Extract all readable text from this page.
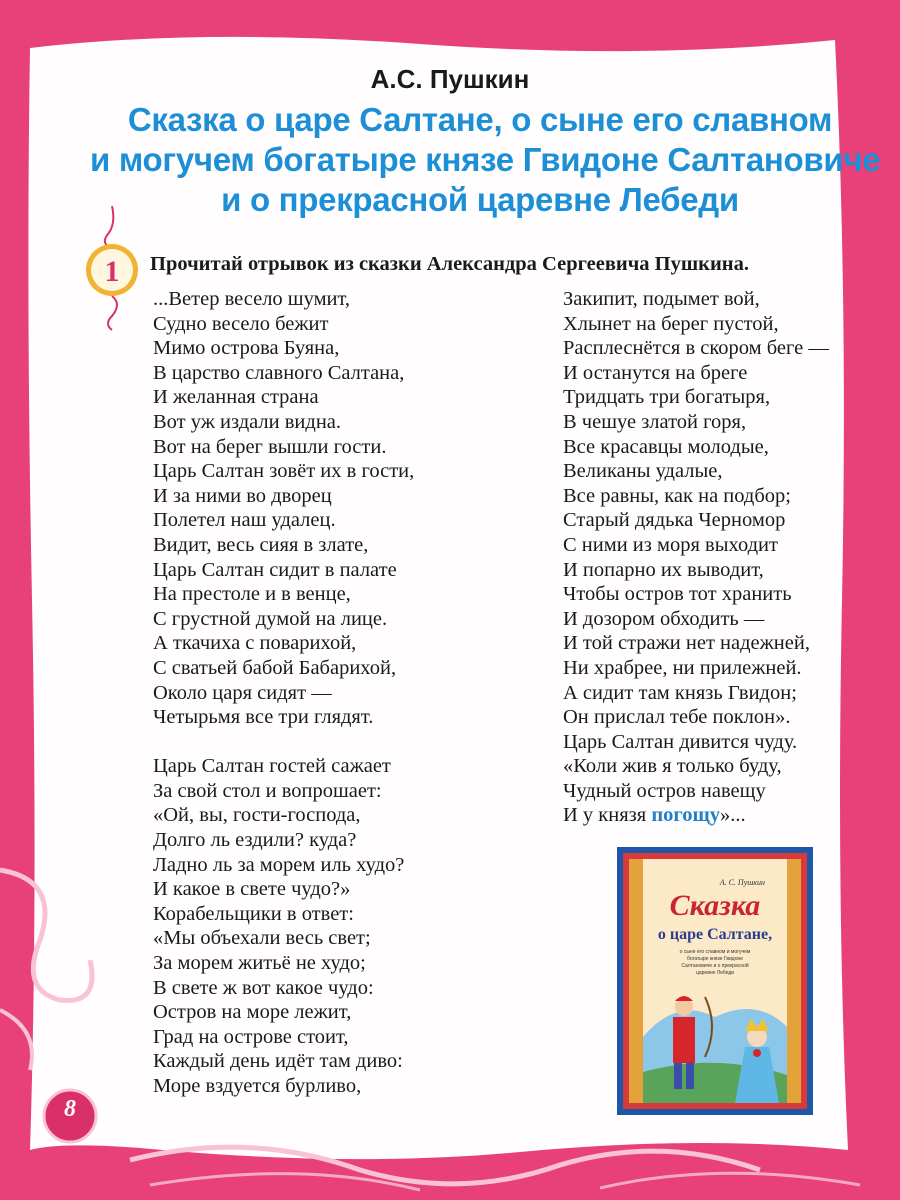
А.С. Пушкин
Сказка о царе Салтане, о сыне его славном
и могучем богатыре князе Гвидоне Салтановиче
и о прекрасной царевне Лебеди
1 Прочитай отрывок из сказки Александра Сергеевича Пушкина.
...Ветер весело шумит,
Судно весело бежит
Мимо острова Буяна,
В царство славного Салтана,
И желанная страна
Вот уж издали видна.
Вот на берег вышли гости.
Царь Салтан зовёт их в гости,
И за ними во дворец
Полетел наш удалец.
Видит, весь сияя в злате,
Царь Салтан сидит в палате
На престоле и в венце,
С грустной думой на лице.
А ткачиха с поварихой,
С сватьей бабой Бабарихой,
Около царя сидят —
Четырьмя все три глядят.
Царь Салтан гостей сажает
За свой стол и вопрошает:
«Ой, вы, гости-господа,
Долго ль ездили? куда?
Ладно ль за морем иль худо?
И какое в свете чудо?»
Корабельщики в ответ:
«Мы объехали весь свет;
За морем житьё не худо;
В свете ж вот какое чудо:
Остров на море лежит,
Град на острове стоит,
Каждый день идёт там диво:
Море вздуется бурливо,
Закипит, подымет вой,
Хлынет на берег пустой,
Расплеснётся в скором беге —
И останутся на бреге
Тридцать три богатыря,
В чешуе златой горя,
Все красавцы молодые,
Великаны удалые,
Все равны, как на подбор;
Старый дядька Черномор
С ними из моря выходит
И попарно их выводит,
Чтобы остров тот хранить
И дозором обходить —
И той стражи нет надежней,
Ни храбрее, ни прилежней.
А сидит там князь Гвидон;
Он прислал тебе поклон».
Царь Салтан дивится чуду.
«Коли жив я только буду,
Чудный остров навещу
И у князя погощу»...
А. С. Пушкин
Сказка
о царе Салтане,
о сыне его славном и могучем
богатыре князе Гвидоне
Салтановиче и о прекрасной
царевне Лебеди
8
